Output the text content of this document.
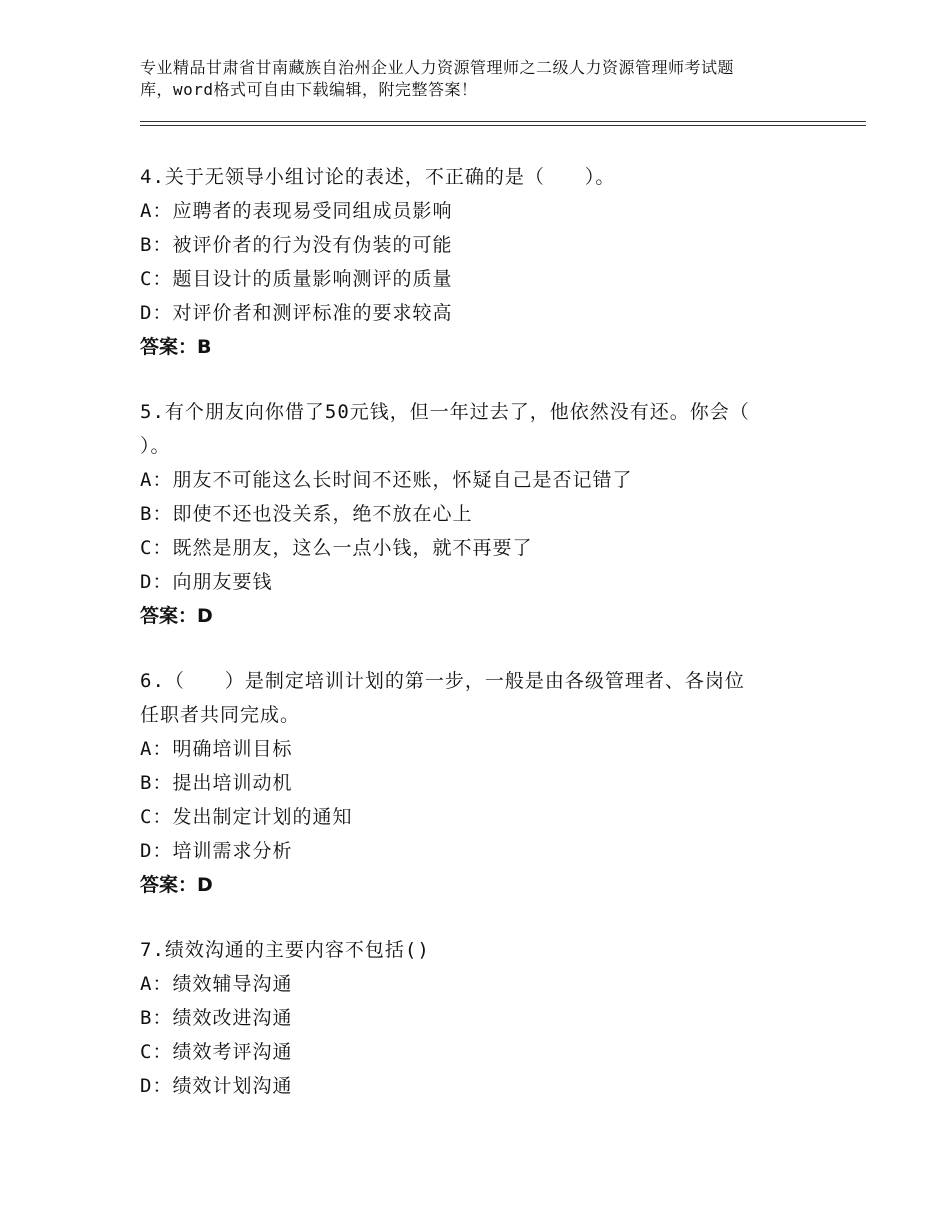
专业精品甘肃省甘南藏族自治州企业人力资源管理师之二级人力资源管理师考试题
库，word格式可自由下载编辑，附完整答案！
4.关于无领导小组讨论的表述，不正确的是（　　）。
A：应聘者的表现易受同组成员影响
B：被评价者的行为没有伪装的可能
C：题目设计的质量影响测评的质量
D：对评价者和测评标准的要求较高
答案：B
5.有个朋友向你借了50元钱，但一年过去了，他依然没有还。你会（
）。
A：朋友不可能这么长时间不还账，怀疑自己是否记错了
B：即使不还也没关系，绝不放在心上
C：既然是朋友，这么一点小钱，就不再要了
D：向朋友要钱
答案：D
6.（　　）是制定培训计划的第一步，一般是由各级管理者、各岗位
任职者共同完成。
A：明确培训目标
B：提出培训动机
C：发出制定计划的通知
D：培训需求分析
答案：D
7.绩效沟通的主要内容不包括()
A：绩效辅导沟通
B：绩效改进沟通
C：绩效考评沟通
D：绩效计划沟通
